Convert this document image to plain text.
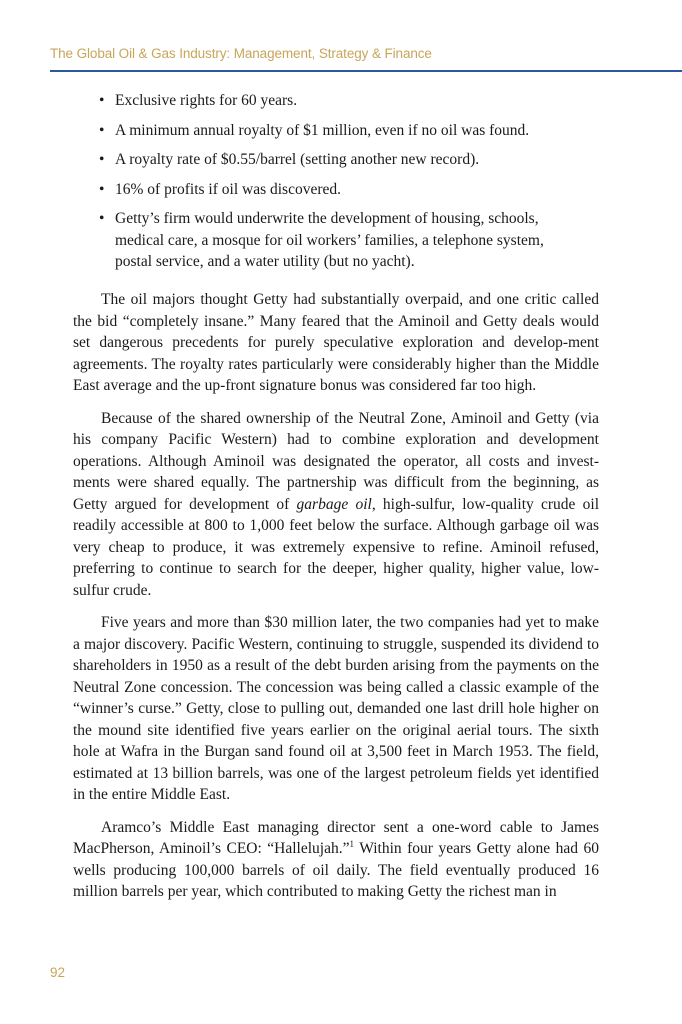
The Global Oil & Gas Industry: Management, Strategy & Finance
• Exclusive rights for 60 years.
• A minimum annual royalty of $1 million, even if no oil was found.
• A royalty rate of $0.55/barrel (setting another new record).
• 16% of profits if oil was discovered.
• Getty’s firm would underwrite the development of housing, schools, medical care, a mosque for oil workers’ families, a telephone system, postal service, and a water utility (but no yacht).

The oil majors thought Getty had substantially overpaid, and one critic called the bid “completely insane.” Many feared that the Aminoil and Getty deals would set dangerous precedents for purely speculative exploration and develop-ment agreements. The royalty rates particularly were considerably higher than the Middle East average and the up-front signature bonus was considered far too high.

Because of the shared ownership of the Neutral Zone, Aminoil and Getty (via his company Pacific Western) had to combine exploration and development operations. Although Aminoil was designated the operator, all costs and invest-ments were shared equally. The partnership was difficult from the beginning, as Getty argued for development of garbage oil, high-sulfur, low-quality crude oil readily accessible at 800 to 1,000 feet below the surface. Although garbage oil was very cheap to produce, it was extremely expensive to refine. Aminoil refused, preferring to continue to search for the deeper, higher quality, higher value, low-sulfur crude.

Five years and more than $30 million later, the two companies had yet to make a major discovery. Pacific Western, continuing to struggle, suspended its dividend to shareholders in 1950 as a result of the debt burden arising from the payments on the Neutral Zone concession. The concession was being called a classic example of the “winner’s curse.” Getty, close to pulling out, demanded one last drill hole higher on the mound site identified five years earlier on the original aerial tours. The sixth hole at Wafra in the Burgan sand found oil at 3,500 feet in March 1953. The field, estimated at 13 billion barrels, was one of the largest petroleum fields yet identified in the entire Middle East.

Aramco’s Middle East managing director sent a one-word cable to James MacPherson, Aminoil’s CEO: “Hallelujah.”$^1$ Within four years Getty alone had 60 wells producing 100,000 barrels of oil daily. The field eventually produced 16 million barrels per year, which contributed to making Getty the richest man in

92
